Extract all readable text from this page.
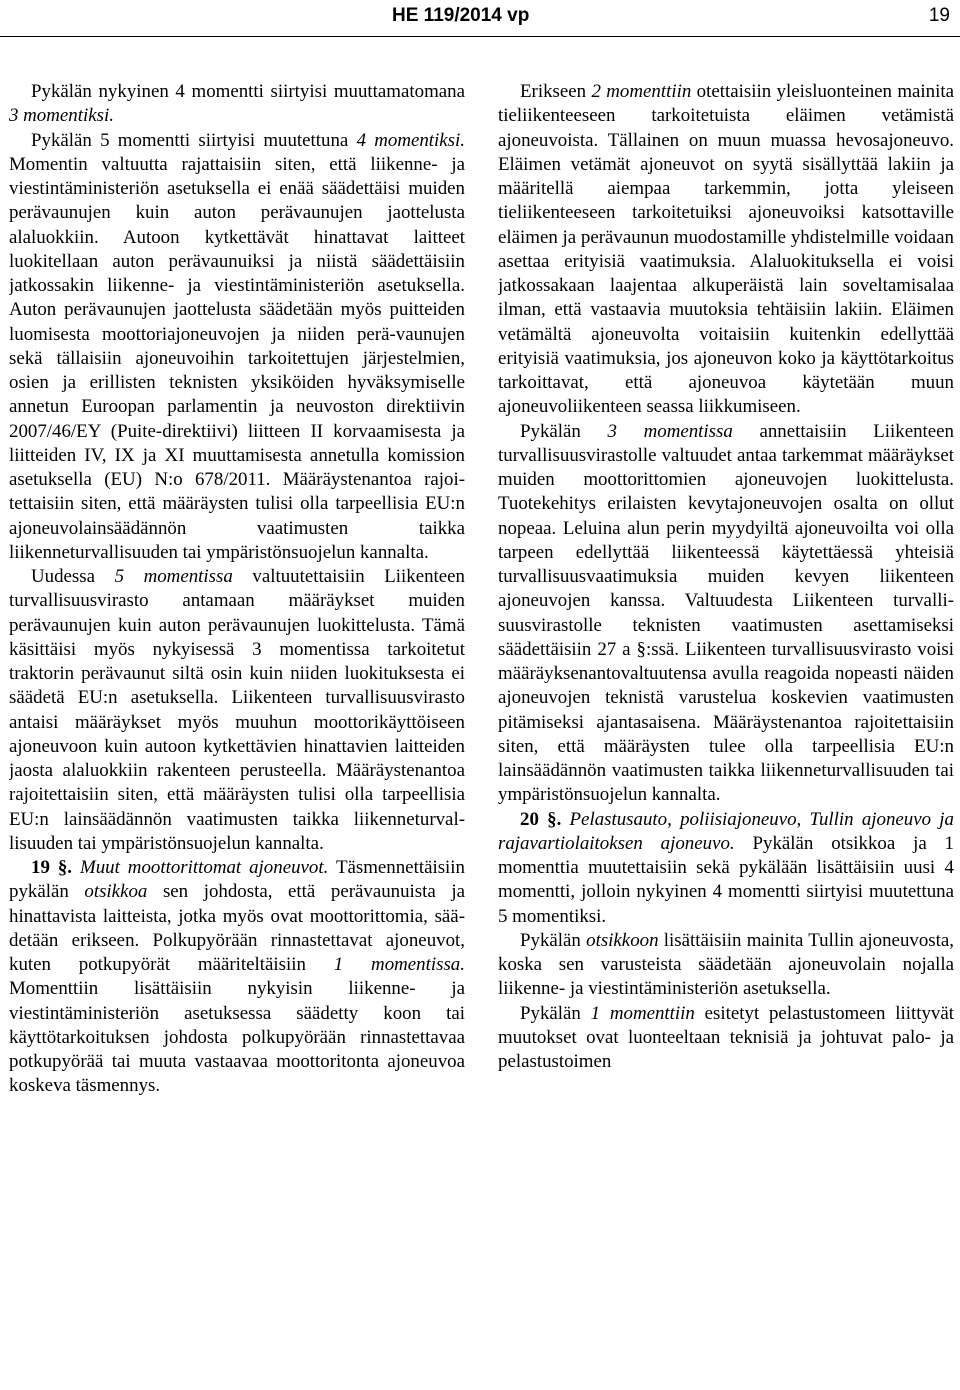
HE 119/2014 vp	19

Pykälän nykyinen 4 momentti siirtyisi muuttamatomana 3 momentiksi.

Pykälän 5 momentti siirtyisi muutettuna 4 momentiksi. Momentin valtuutta rajattaisiin siten, että liikenne- ja viestintäministeriön asetuksella ei enää säädettäisi muiden perävaunujen kuin auton perävaunujen jaottelusta alaluokkiin. Autoon kytkettävät hinattavat laitteet luokitellaan auton perävaunuiksi ja niistä säädettäisiin jatkossakin liikenne- ja viestintäministeriön asetuksella. Auton perävaunujen jaottelusta säädetään myös puitteiden luomisesta moottoriajoneuvojen ja niiden perä-vaunujen sekä tällaisiin ajoneuvoihin tarkoitettujen järjestelmien, osien ja erillisten teknisten yksiköiden hyväksymiselle annetun Euroopan parlamentin ja neuvoston direktiivin 2007/46/EY (Puite-direktiivi) liitteen II korvaamisesta ja liitteiden IV, IX ja XI muuttamisesta annetulla komission asetuksella (EU) N:o 678/2011. Määräystenantoa rajoitettaisiin siten, että määräysten tulisi olla tarpeellisia EU:n ajoneuvolainsäädännön vaatimusten taikka liikenneturvallisuuden tai ympäristönsuojelun kannalta.

Uudessa 5 momentissa valtuutettaisiin Liikenteen turvallisuusvirasto antamaan määräykset muiden perävaunujen kuin auton perävaunujen luokittelusta. Tämä käsittäisi myös nykyisessä 3 momentissa tarkoitetut traktorin perävaunut siltä osin kuin niiden luokituksesta ei säädetä EU:n asetuksella. Liikenteen turvallisuusvirasto antaisi määräykset myös muuhun moottorikäyttöiseen ajoneuvoon kuin autoon kytkettävien hinattavien laitteiden jaosta alaluokkiin rakenteen perusteella. Määräystenantoa rajoitettaisiin siten, että määräysten tulisi olla tarpeellisia EU:n lainsäädännön vaatimusten taikka liikenneturvallisuuden tai ympäristönsuojelun kannalta.

19 §. Muut moottorittomat ajoneuvot. Täsmennettäisiin pykälän otsikkoa sen johdosta, että perävaunuista ja hinattavista laitteista, jotka myös ovat moottorittomia, säädetään erikseen. Polkupyörään rinnastettavat ajoneuvot, kuten potkupyörät määriteltäisiin 1 momentissa. Momenttiin lisättäisiin nykyisin liikenne- ja viestintäministeriön asetuksessa säädetty koon tai käyttötarkoituksen johdosta polkupyörään rinnastettavaa potkupyörää tai muuta vastaavaa moottoritonta ajoneuvoa koskeva täsmennys.

Erikseen 2 momenttiin otettaisiin yleisluonteinen mainita tieliikenteeseen tarkoitetuista eläimen vetämistä ajoneuvoista. Tällainen on muun muassa hevosajoneuvo. Eläimen vetämät ajoneuvot on syytä sisällyttää lakiin ja määritellä aiempaa tarkemmin, jotta yleiseen tieliikenteeseen tarkoitetuiksi ajoneuvoiksi katsottaville eläimen ja perävaunun muodostamille yhdistelmille voidaan asettaa erityisiä vaatimuksia. Alaluokituksella ei voisi jatkossakaan laajentaa alkuperäistä lain soveltamisalaa ilman, että vastaavia muutoksia tehtäisiin lakiin. Eläimen vetämältä ajoneuvolta voitaisiin kuitenkin edellyttää erityisiä vaatimuksia, jos ajoneuvon koko ja käyttötarkoitus tarkoittavat, että ajoneuvoa käytetään muun ajoneuvoliikenteen seassa liikkumiseen.

Pykälän 3 momentissa annettaisiin Liikenteen turvallisuusvirastolle valtuudet antaa tarkemmat määräykset muiden moottorittomien ajoneuvojen luokittelusta. Tuotekehitys erilaisten kevytajoneuvojen osalta on ollut nopeaa. Leluina alun perin myydyiltä ajoneuvoilta voi olla tarpeen edellyttää liikenteessä käytettäessä yhteisiä turvallisuusvaatimuksia muiden kevyen liikenteen ajoneuvojen kanssa. Valtuudesta Liikenteen turvallisuusvirastolle teknisten vaatimusten asettamiseksi säädettäisiin 27 a §:ssä. Liikenteen turvallisuusvirasto voisi määräyksenantovaltuutensa avulla reagoida nopeasti näiden ajoneuvojen teknistä varustelua koskevien vaatimusten pitämiseksi ajantasaisena. Määräystenantoa rajoitettaisiin siten, että määräysten tulee olla tarpeellisia EU:n lainsäädännön vaatimusten taikka liikenneturvallisuuden tai ympäristönsuojelun kannalta.

20 §. Pelastusauto, poliisiajoneuvo, Tullin ajoneuvo ja rajavartiolaitoksen ajoneuvo. Pykälän otsikkoa ja 1 momenttia muutettaisiin sekä pykälään lisättäisiin uusi 4 momentti, jolloin nykyinen 4 momentti siirtyisi muutettuna 5 momentiksi.

Pykälän otsikkoon lisättäisiin mainita Tullin ajoneuvosta, koska sen varusteista säädetään ajoneuvolain nojalla liikenne- ja viestintäministeriön asetuksella.

Pykälän 1 momenttiin esitetyt pelastustomeen liittyvät muutokset ovat luonteeltaan teknisiä ja johtuvat palo- ja pelastustoimen
